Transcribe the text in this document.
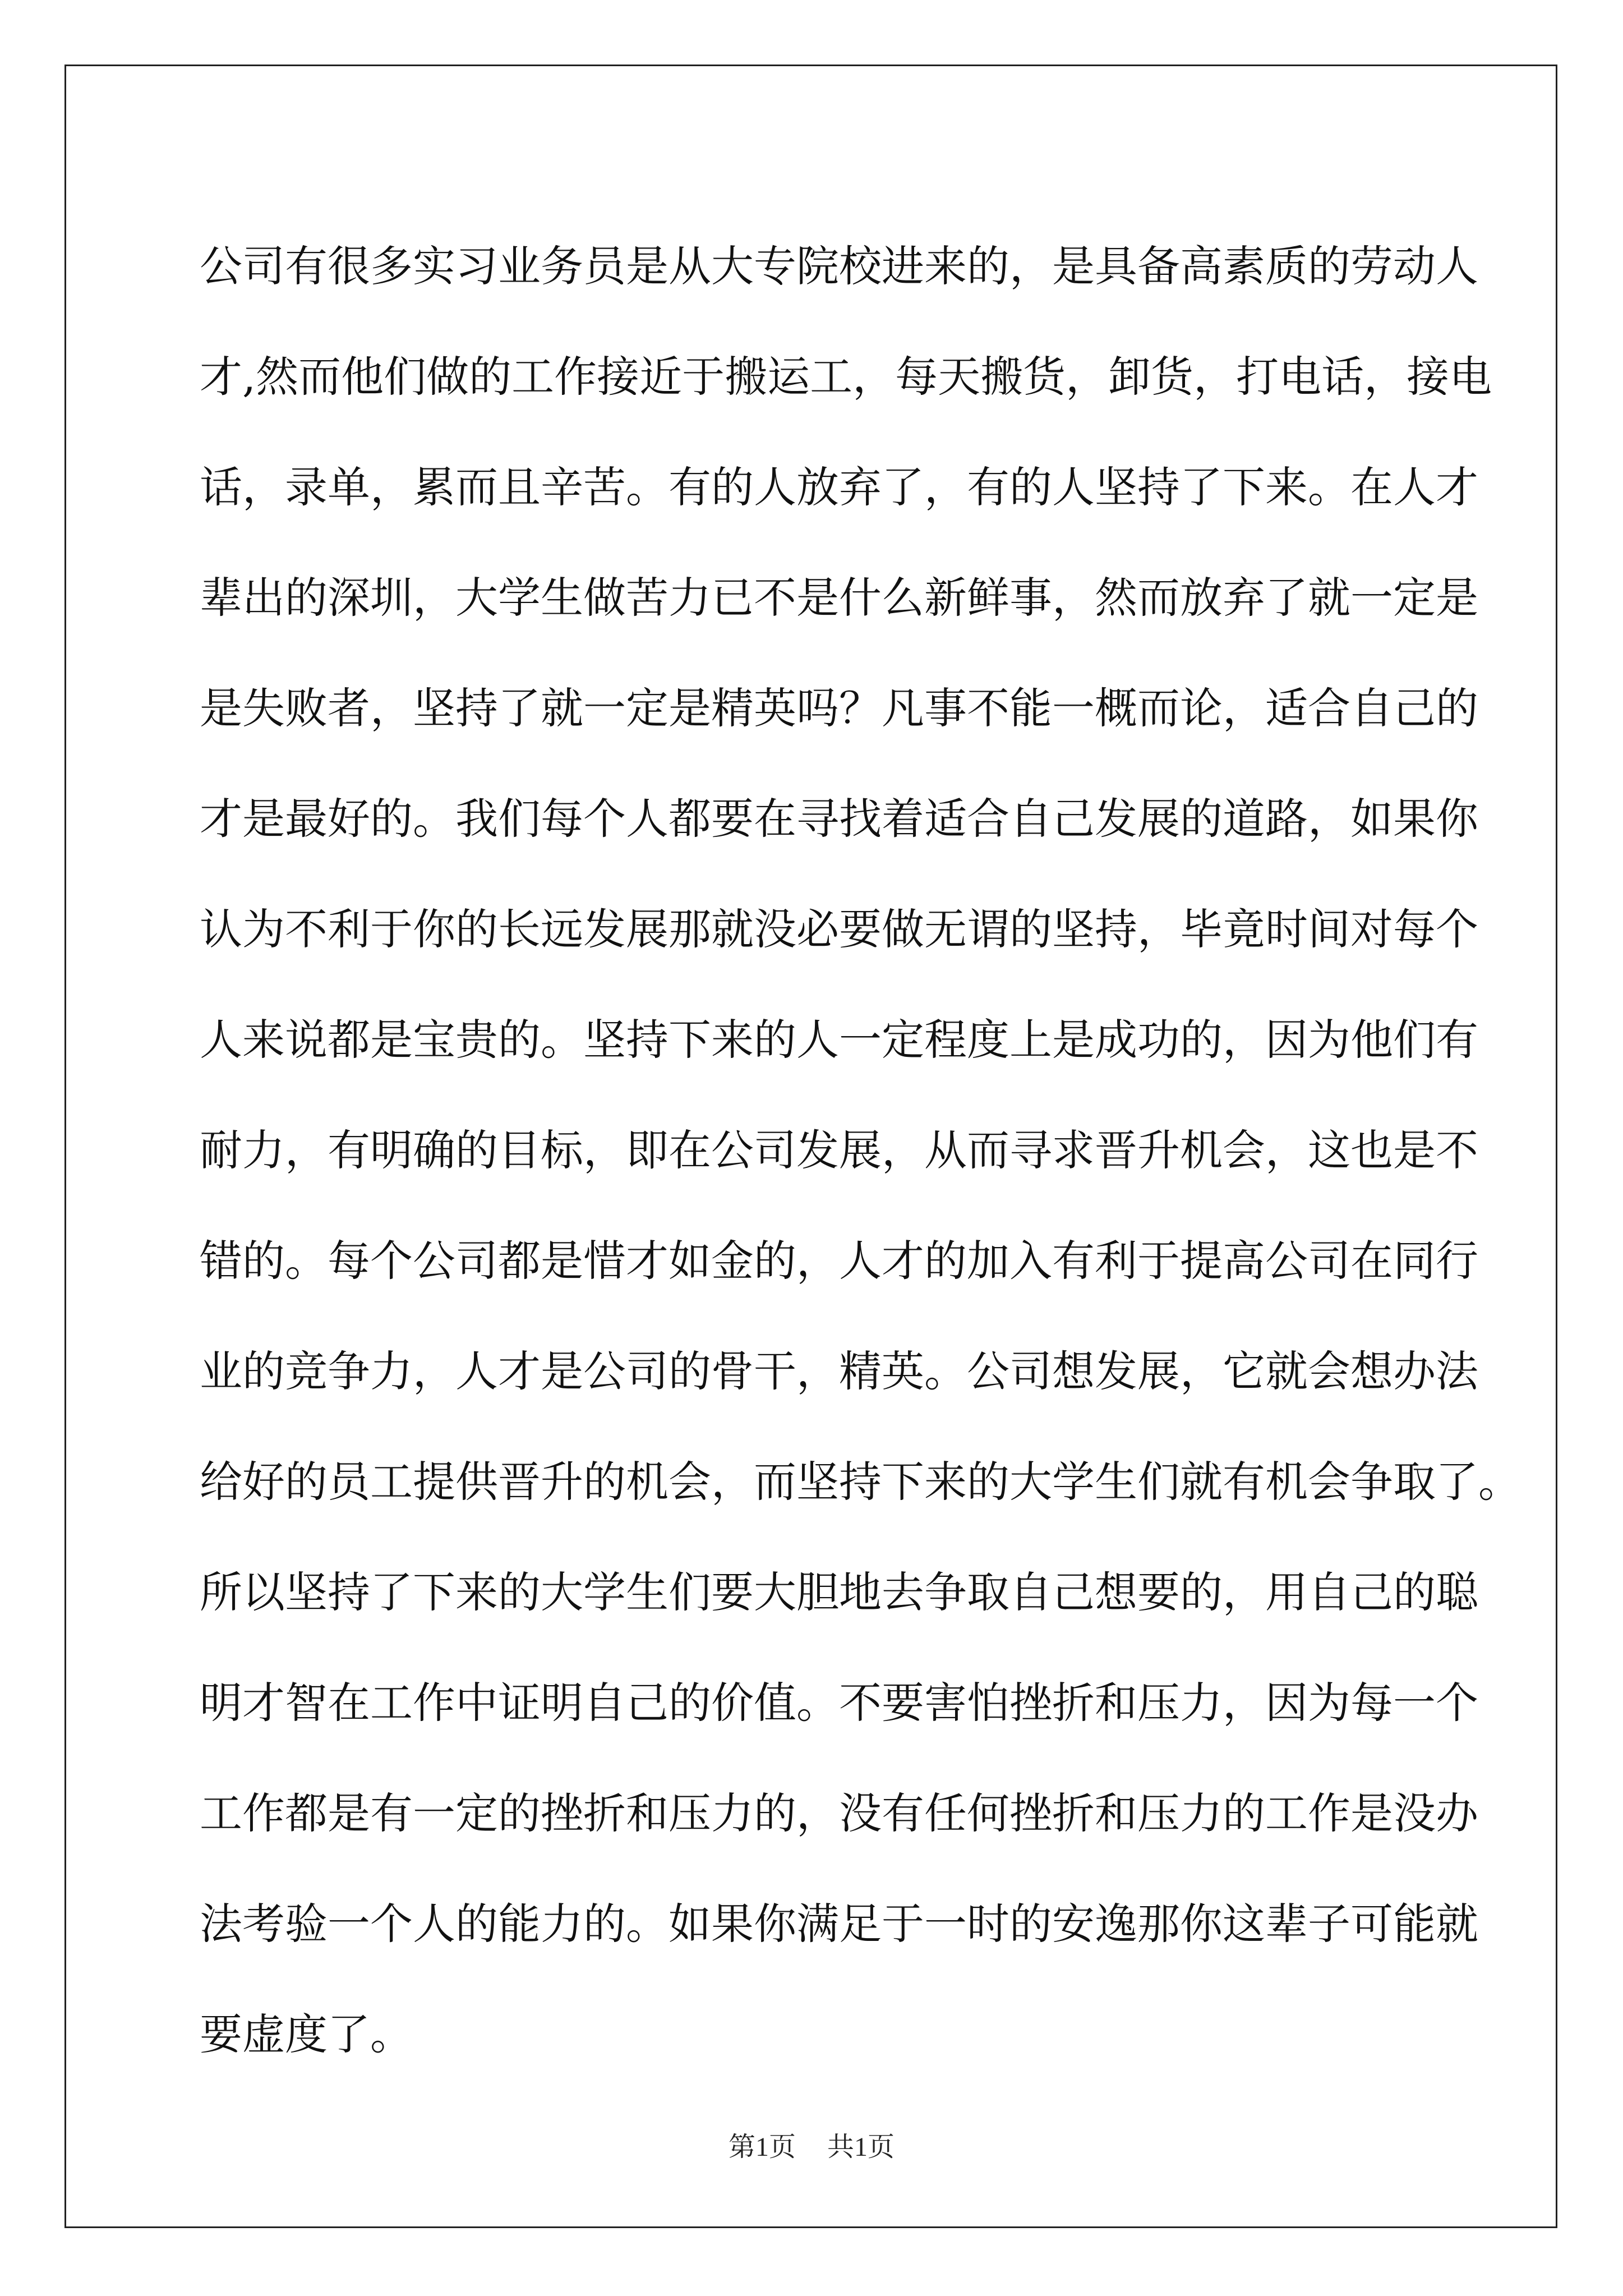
公司有很多实习业务员是从大专院校进来的，是具备高素质的劳动人
才,然而他们做的工作接近于搬运工，每天搬货，卸货，打电话，接电
话，录单，累而且辛苦。有的人放弃了，有的人坚持了下来。在人才
辈出的深圳，大学生做苦力已不是什么新鲜事，然而放弃了就一定是
是失败者，坚持了就一定是精英吗？凡事不能一概而论，适合自己的
才是最好的。我们每个人都要在寻找着适合自己发展的道路，如果你
认为不利于你的长远发展那就没必要做无谓的坚持，毕竟时间对每个
人来说都是宝贵的。坚持下来的人一定程度上是成功的，因为他们有
耐力，有明确的目标，即在公司发展，从而寻求晋升机会，这也是不
错的。每个公司都是惜才如金的，人才的加入有利于提高公司在同行
业的竞争力，人才是公司的骨干，精英。公司想发展，它就会想办法
给好的员工提供晋升的机会，而坚持下来的大学生们就有机会争取了。
所以坚持了下来的大学生们要大胆地去争取自己想要的，用自己的聪
明才智在工作中证明自己的价值。不要害怕挫折和压力，因为每一个
工作都是有一定的挫折和压力的，没有任何挫折和压力的工作是没办
法考验一个人的能力的。如果你满足于一时的安逸那你这辈子可能就
要虚度了。
第1页 共1页
